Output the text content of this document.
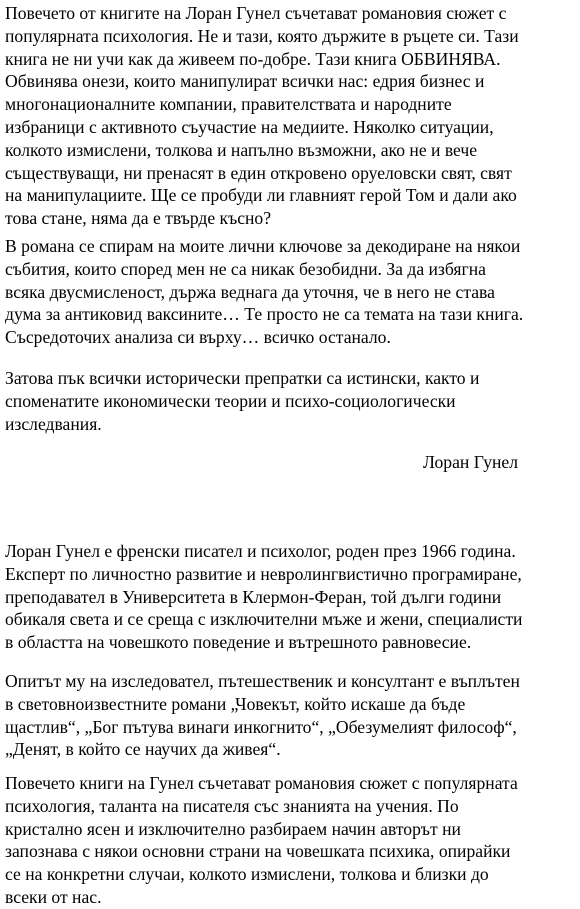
Повечето от книгите на Лоран Гунел съчетават романовия сюжет с
популярната психология. Не и тази, която държите в ръцете си. Тази
книга не ни учи как да живеем по-добре. Тази книга ОБВИНЯВА.
Обвинява онези, които манипулират всички нас: едрия бизнес и
многонационалните компании, правителствата и народните
избраници с активното съучастие на медиите. Няколко ситуации,
колкото измислени, толкова и напълно възможни, ако не и вече
съществуващи, ни пренасят в един откровено оруеловски свят, свят
на манипулациите. Ще се пробуди ли главният герой Том и дали ако
това стане, няма да е твърде късно?

В романа се спирам на моите лични ключове за декодиране на някои
събития, които според мен не са никак безобидни. За да избягна
всяка двусмисленост, държа веднага да уточня, че в него не става
дума за антиковид ваксините… Те просто не са темата на тази книга.
Съсредоточих анализа си върху… всичко останало.

Затова пък всички исторически препратки са истински, както и
споменатите икономически теории и психо-социологически
изследвания.

Лоран Гунел

Лоран Гунел е френски писател и психолог, роден през 1966 година.
Експерт по личностно развитие и невролингвистично програмиране,
преподавател в Университета в Клермон-Феран, той дълги години
обикаля света и се среща с изключителни мъже и жени, специалисти
в областта на човешкото поведение и вътрешното равновесие.

Опитът му на изследовател, пътешественик и консултант е въплътен
в световноизвестните романи „Човекът, който искаше да бъде
щастлив“, „Бог пътува винаги инкогнито“, „Обезумелият философ“,
„Денят, в който се научих да живея“.

Повечето книги на Гунел съчетават романовия сюжет с популярната
психология, таланта на писателя със знанията на учения. По
кристално ясен и изключително разбираем начин авторът ни
запознава с някои основни страни на човешката психика, опирайки
се на конкретни случаи, колкото измислени, толкова и близки до
всеки от нас.
